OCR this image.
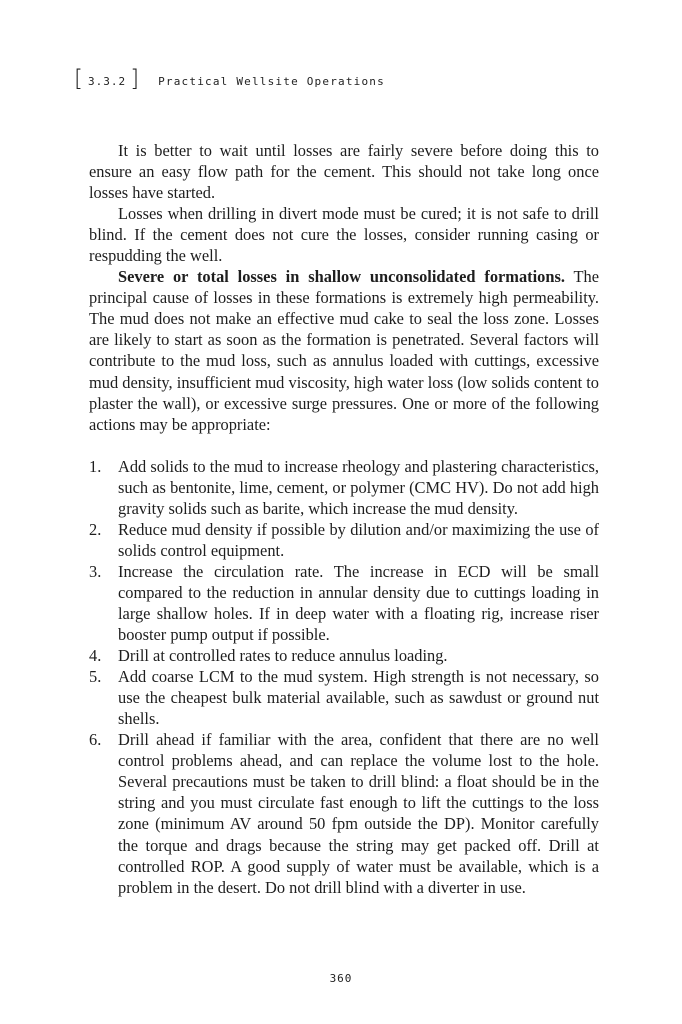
[ 3.3.2 ] Practical Wellsite Operations

It is better to wait until losses are fairly severe before doing this to ensure an easy flow path for the cement. This should not take long once losses have started.

Losses when drilling in divert mode must be cured; it is not safe to drill blind. If the cement does not cure the losses, consider running casing or respudding the well.

Severe or total losses in shallow unconsolidated formations. The principal cause of losses in these formations is extremely high permeability. The mud does not make an effective mud cake to seal the loss zone. Losses are likely to start as soon as the formation is penetrated. Several factors will contribute to the mud loss, such as annulus loaded with cuttings, excessive mud density, insufficient mud viscosity, high water loss (low solids content to plaster the wall), or excessive surge pressures. One or more of the following actions may be appropriate:

1. Add solids to the mud to increase rheology and plastering characteristics, such as bentonite, lime, cement, or polymer (CMC HV). Do not add high gravity solids such as barite, which increase the mud density.
2. Reduce mud density if possible by dilution and/or maximizing the use of solids control equipment.
3. Increase the circulation rate. The increase in ECD will be small compared to the reduction in annular density due to cuttings loading in large shallow holes. If in deep water with a floating rig, increase riser booster pump output if possible.
4. Drill at controlled rates to reduce annulus loading.
5. Add coarse LCM to the mud system. High strength is not necessary, so use the cheapest bulk material available, such as sawdust or ground nut shells.
6. Drill ahead if familiar with the area, confident that there are no well control problems ahead, and can replace the volume lost to the hole. Several precautions must be taken to drill blind: a float should be in the string and you must circulate fast enough to lift the cuttings to the loss zone (minimum AV around 50 fpm outside the DP). Monitor carefully the torque and drags because the string may get packed off. Drill at controlled ROP. A good supply of water must be available, which is a problem in the desert. Do not drill blind with a diverter in use.
360
